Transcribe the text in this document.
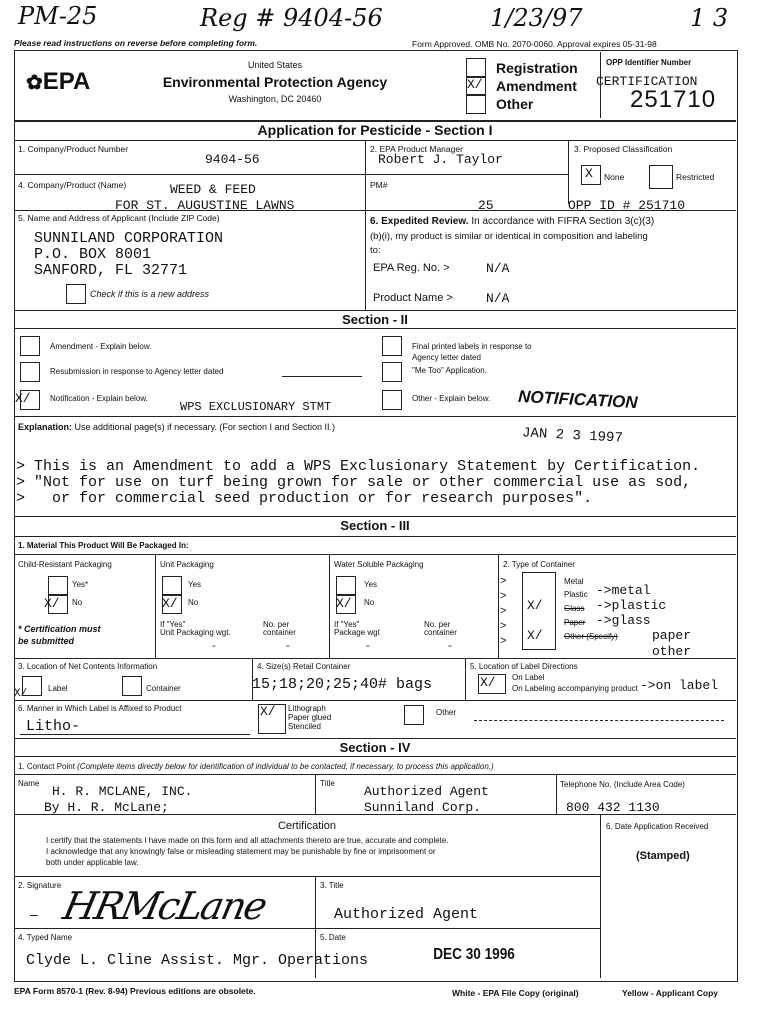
PM-25	Reg # 9404-56	1/23/97	1 3
Please read instructions on reverse before completing form.	Form Approved. OMB No. 2070-0060. Approval expires 05-31-98
✿EPA
United States
Environmental Protection Agency
Washington, DC 20460
X/
Registration
Amendment
Other
OPP Identifier Number
CERTIFICATION
251710
Application for Pesticide - Section I
1. Company/Product Number
9404-56
2. EPA Product Manager
Robert J. Taylor
3. Proposed Classification
X None	Restricted
4. Company/Product (Name)	WEED & FEED
FOR ST. AUGUSTINE LAWNS
PM#
25	OPP ID # 251710
5. Name and Address of Applicant (Include ZIP Code)
SUNNILAND CORPORATION
P.O. BOX 8001
SANFORD, FL 32771
Check if this is a new address
6. Expedited Review. In accordance with FIFRA Section 3(c)(3)
(b)(i), my product is similar or identical in composition and labeling
to:
EPA Reg. No. >	N/A
Product Name >	N/A
Section - II
Amendment - Explain below.
Resubmission in response to Agency letter dated
X/ Notification - Explain below.
WPS EXCLUSIONARY STMT
Final printed labels in response to
Agency letter dated
"Me Too" Application.
Other - Explain below. NOTIFICATION
JAN 2 3 1997
Explanation: Use additional page(s) if necessary. (For section I and Section II.)
> This is an Amendment to add a WPS Exclusionary Statement by Certification.
> "Not for use on turf being grown for sale or other commercial use as sod,
>   or for commercial seed production or for research purposes".
Section - III
1. Material This Product Will Be Packaged In:
Child-Resistant Packaging	Unit Packaging	Water Soluble Packaging	2. Type of Container
Yes*
X/ No
* Certification must
be submitted
Yes
X/ No
If "Yes"
Unit Packaging wgt.
No. per
container
-	-
Yes
X/ No
If "Yes"
Package wgt
No. per
container
-	-
>
>
>
>
>
Metal
Plastic
Glass
Paper
Other (Specify)
X/
X/
->metal
->plastic
->glass
paper
other
3. Location of Net Contents Information
Label	Container
X/
4. Size(s) Retail Container
15;18;20;25;40# bags
5. Location of Label Directions
X/ On Label
On Labeling accompanying product ->on label
6. Manner in Which Label is Affixed to Product
Litho-
X/ Lithograph
Paper glued
Stenciled
Other
Section - IV
1. Contact Point (Complete items directly below for identification of individual to be contacted, if necessary, to process this application.)
Name
H. R. MCLANE, INC.
By H. R. McLane;
Title
Authorized Agent
Sunniland Corp.
Telephone No. (Include Area Code)
800 432 1130
Certification
I certify that the statements I have made on this form and all attachments thereto are true, accurate and complete.
I acknowledge that any knowingly false or misleading statement may be punishable by fine or imprisonment or
both under applicable law.
6. Date Application Received
(Stamped)
2. Signature
– HRMcLane	3. Title
Authorized Agent
4. Typed Name
Clyde L. Cline Assist. Mgr. Operations
5. Date
DEC 30 1996
EPA Form 8570-1 (Rev. 8-94) Previous editions are obsolete.	White - EPA File Copy (original)	Yellow - Applicant Copy
